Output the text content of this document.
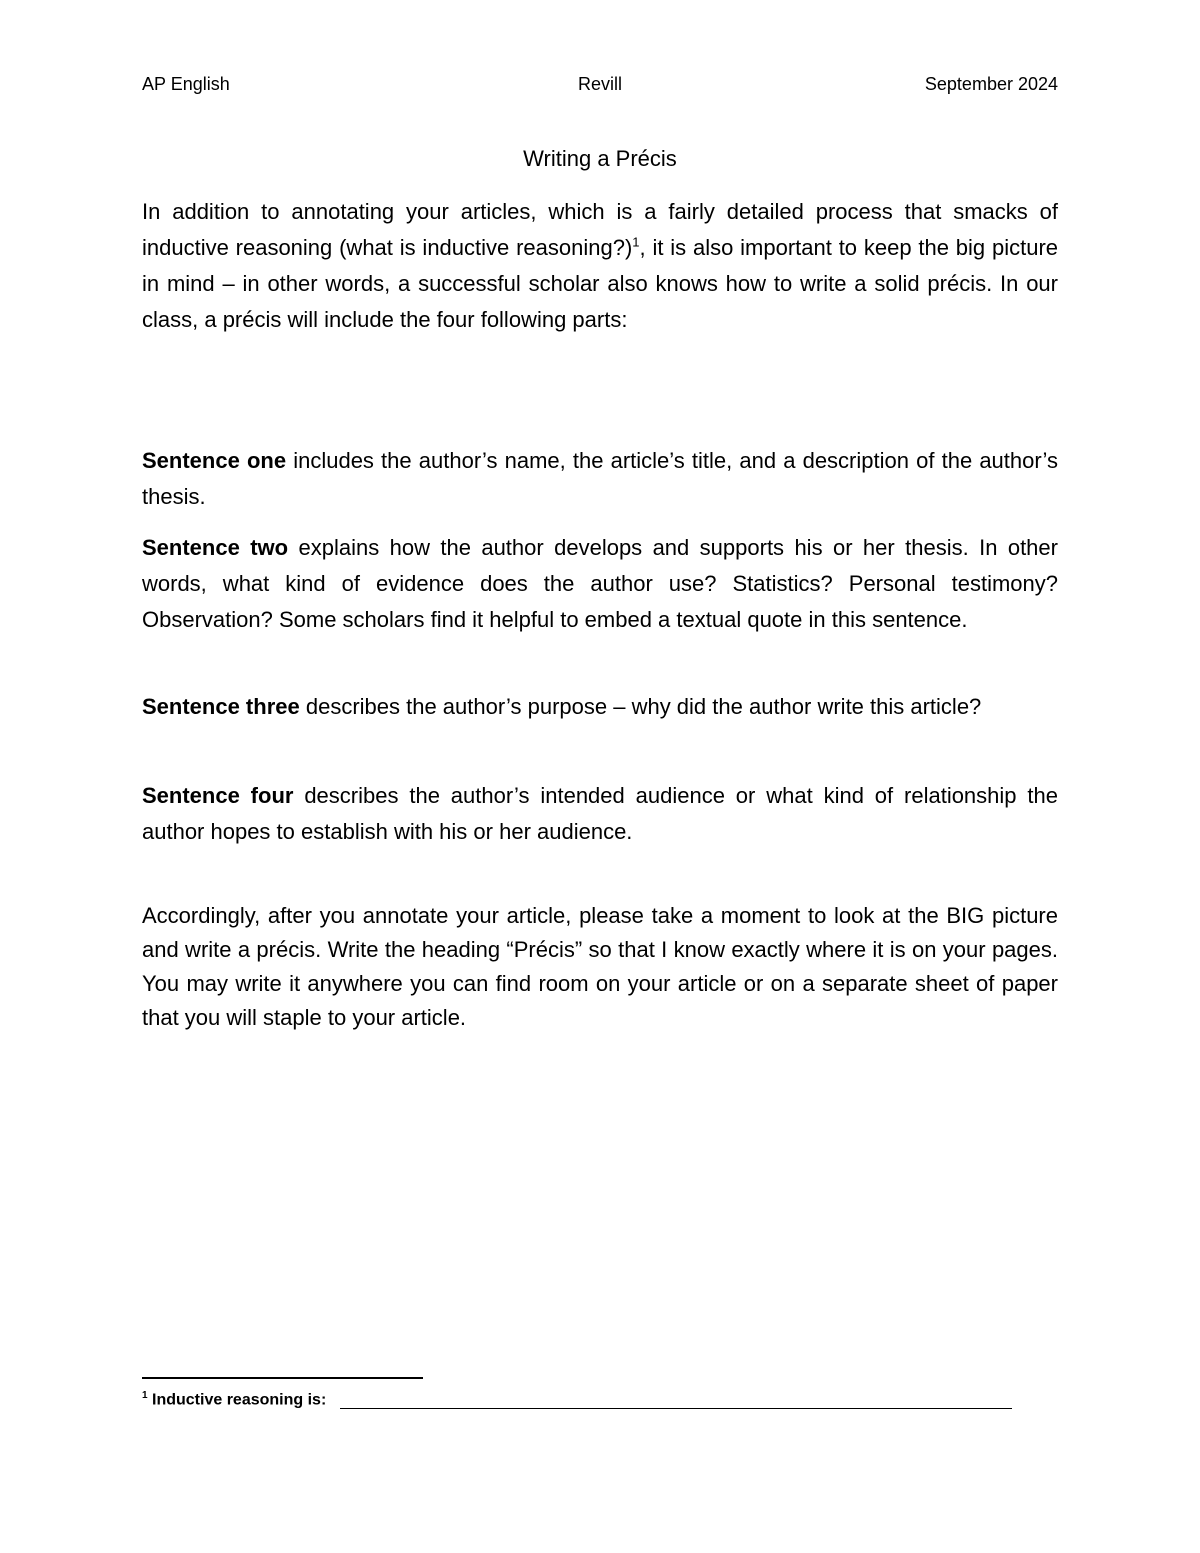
AP English	Revill	September 2024
Writing a Précis

In addition to annotating your articles, which is a fairly detailed process that smacks of inductive reasoning (what is inductive reasoning?)$^1$, it is also important to keep the big picture in mind – in other words, a successful scholar also knows how to write a solid précis. In our class, a précis will include the four following parts:

Sentence one includes the author’s name, the article’s title, and a description of the author’s thesis.

Sentence two explains how the author develops and supports his or her thesis. In other words, what kind of evidence does the author use? Statistics? Personal testimony? Observation? Some scholars find it helpful to embed a textual quote in this sentence.

Sentence three describes the author’s purpose – why did the author write this article?

Sentence four describes the author’s intended audience or what kind of relationship the author hopes to establish with his or her audience.

Accordingly, after you annotate your article, please take a moment to look at the BIG picture and write a précis. Write the heading “Précis” so that I know exactly where it is on your pages. You may write it anywhere you can find room on your article or on a separate sheet of paper that you will staple to your article.

$^1$ Inductive reasoning is:
